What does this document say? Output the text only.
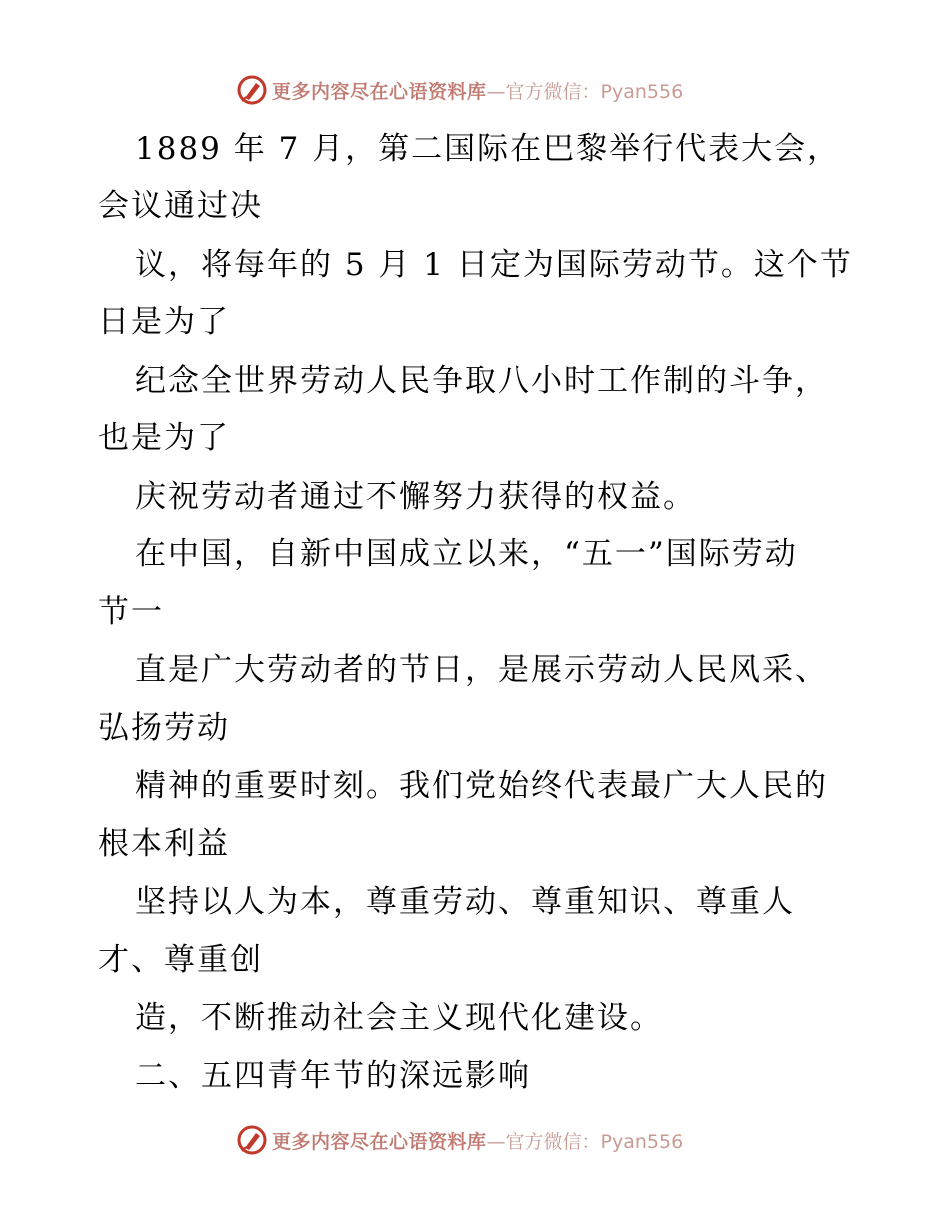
更多内容尽在心语资料库 —官方微信：Pyan556
1889 年 7 月，第二国际在巴黎举行代表大会，
会议通过决
议，将每年的 5 月 1 日定为国际劳动节。这个节
日是为了
纪念全世界劳动人民争取八小时工作制的斗争，
也是为了
庆祝劳动者通过不懈努力获得的权益。
在中国，自新中国成立以来，“五一”国际劳动
节一
直是广大劳动者的节日，是展示劳动人民风采、
弘扬劳动
精神的重要时刻。我们党始终代表最广大人民的
根本利益
坚持以人为本，尊重劳动、尊重知识、尊重人
才、尊重创
造，不断推动社会主义现代化建设。
二、五四青年节的深远影响
更多内容尽在心语资料库 —官方微信：Pyan556
